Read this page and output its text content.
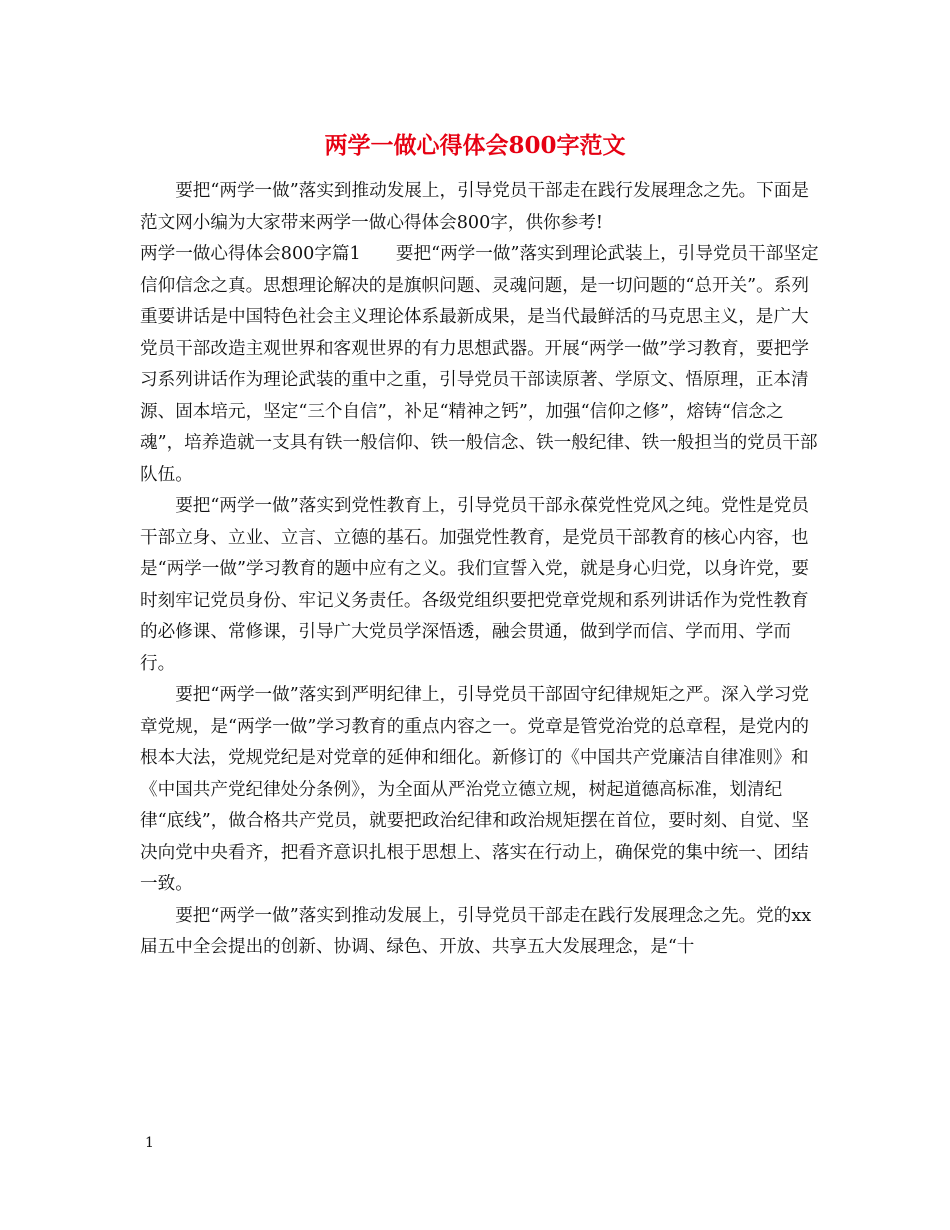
两学一做心得体会800字范文

要把“两学一做”落实到推动发展上，引导党员干部走在践行发展理念之先。下面是范文网小编为大家带来两学一做心得体会800字，供你参考!

两学一做心得体会800字篇1 要把“两学一做”落实到理论武装上，引导党员干部坚定信仰信念之真。思想理论解决的是旗帜问题、灵魂问题，是一切问题的“总开关”。系列重要讲话是中国特色社会主义理论体系最新成果，是当代最鲜活的马克思主义，是广大党员干部改造主观世界和客观世界的有力思想武器。开展“两学一做”学习教育，要把学习系列讲话作为理论武装的重中之重，引导党员干部读原著、学原文、悟原理，正本清源、固本培元，坚定“三个自信”，补足“精神之钙”，加强“信仰之修”，熔铸“信念之魂”，培养造就一支具有铁一般信仰、铁一般信念、铁一般纪律、铁一般担当的党员干部队伍。

要把“两学一做”落实到党性教育上，引导党员干部永葆党性党风之纯。党性是党员干部立身、立业、立言、立德的基石。加强党性教育，是党员干部教育的核心内容，也是“两学一做”学习教育的题中应有之义。我们宣誓入党，就是身心归党，以身许党，要时刻牢记党员身份、牢记义务责任。各级党组织要把党章党规和系列讲话作为党性教育的必修课、常修课，引导广大党员学深悟透，融会贯通，做到学而信、学而用、学而行。

要把“两学一做”落实到严明纪律上，引导党员干部固守纪律规矩之严。深入学习党章党规，是“两学一做”学习教育的重点内容之一。党章是管党治党的总章程，是党内的根本大法，党规党纪是对党章的延伸和细化。新修订的《中国共产党廉洁自律准则》和《中国共产党纪律处分条例》，为全面从严治党立德立规，树起道德高标准，划清纪律“底线”，做合格共产党员，就要把政治纪律和政治规矩摆在首位，要时刻、自觉、坚决向党中央看齐，把看齐意识扎根于思想上、落实在行动上，确保党的集中统一、团结一致。

要把“两学一做”落实到推动发展上，引导党员干部走在践行发展理念之先。党的xx届五中全会提出的创新、协调、绿色、开放、共享五大发展理念，是“十

1
